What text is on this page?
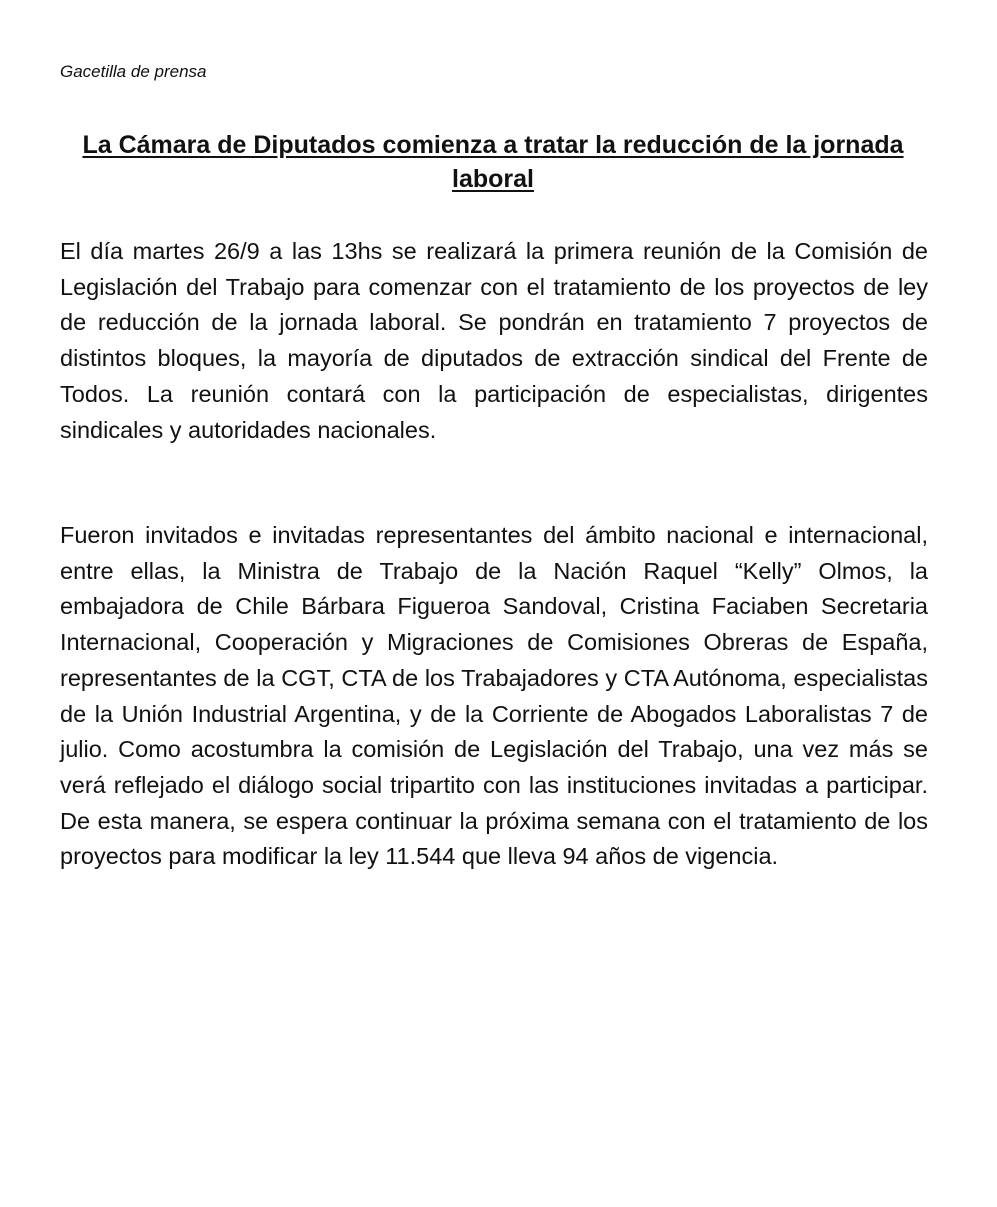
Gacetilla de prensa
La Cámara de Diputados comienza a tratar la reducción de la jornada laboral

El día martes 26/9 a las 13hs se realizará la primera reunión de la Comisión de Legislación del Trabajo para comenzar con el tratamiento de los proyectos de ley de reducción de la jornada laboral. Se pondrán en tratamiento 7 proyectos de distintos bloques, la mayoría de diputados de extracción sindical del Frente de Todos. La reunión contará con la participación de especialistas, dirigentes sindicales y autoridades nacionales.

Fueron invitados e invitadas representantes del ámbito nacional e internacional, entre ellas, la Ministra de Trabajo de la Nación Raquel “Kelly” Olmos, la embajadora de Chile Bárbara Figueroa Sandoval, Cristina Faciaben Secretaria Internacional, Cooperación y Migraciones de Comisiones Obreras de España, representantes de la CGT, CTA de los Trabajadores y CTA Autónoma, especialistas de la Unión Industrial Argentina, y de la Corriente de Abogados Laboralistas 7 de julio. Como acostumbra la comisión de Legislación del Trabajo, una vez más se verá reflejado el diálogo social tripartito con las instituciones invitadas a participar. De esta manera, se espera continuar la próxima semana con el tratamiento de los proyectos para modificar la ley 11.544 que lleva 94 años de vigencia.
